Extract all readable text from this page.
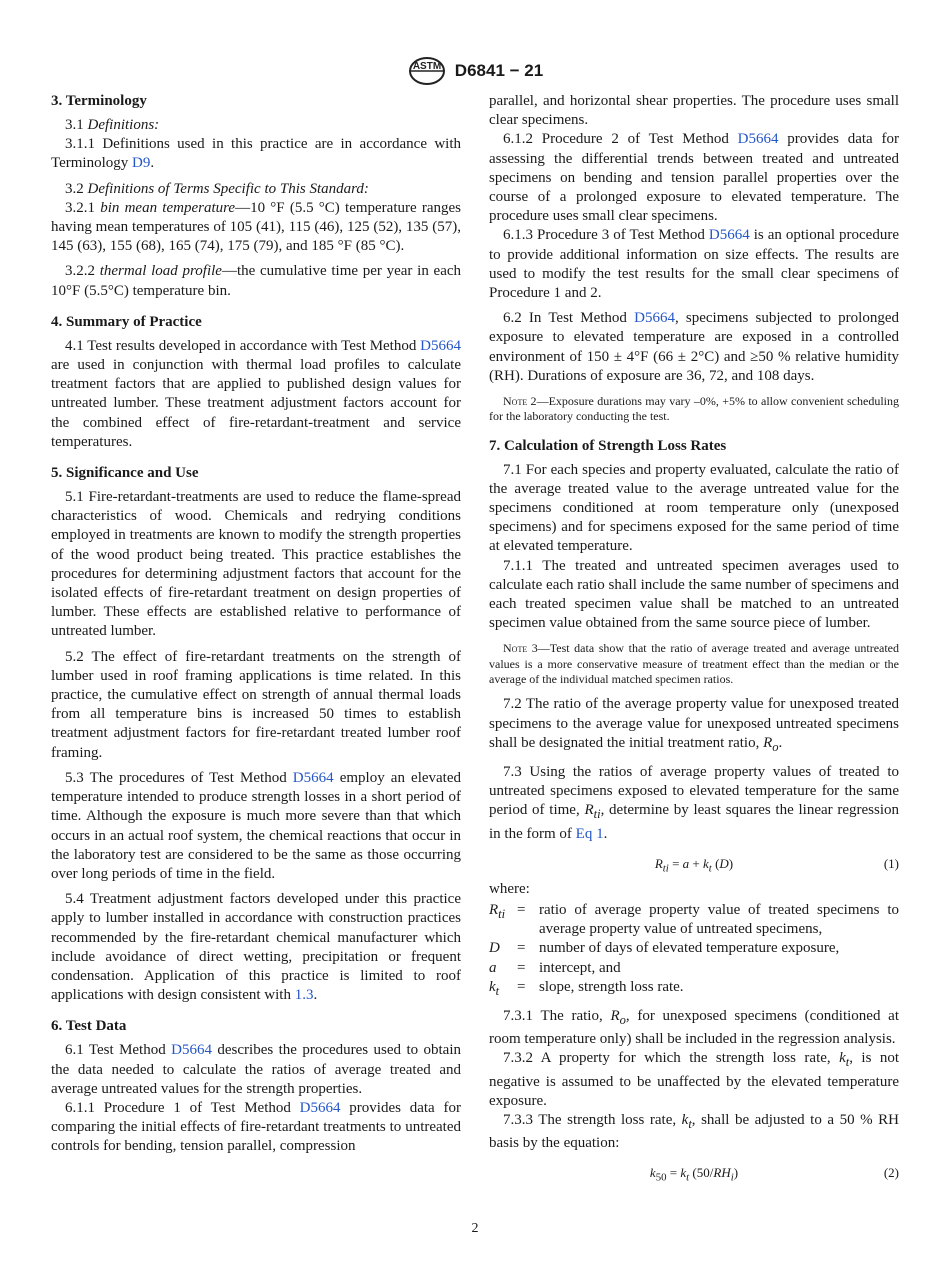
ASTM D6841 − 21
3. Terminology

3.1 Definitions:

3.1.1 Definitions used in this practice are in accordance with Terminology D9.

3.2 Definitions of Terms Specific to This Standard:

3.2.1 bin mean temperature—10 °F (5.5 °C) temperature ranges having mean temperatures of 105 (41), 115 (46), 125 (52), 135 (57), 145 (63), 155 (68), 165 (74), 175 (79), and 185 °F (85 °C).

3.2.2 thermal load profile—the cumulative time per year in each 10°F (5.5°C) temperature bin.

4. Summary of Practice

4.1 Test results developed in accordance with Test Method D5664 are used in conjunction with thermal load profiles to calculate treatment factors that are applied to published design values for untreated lumber. These treatment adjustment factors account for the combined effect of fire-retardant-treatment and service temperatures.

5. Significance and Use

5.1 Fire-retardant-treatments are used to reduce the flame-spread characteristics of wood. Chemicals and redrying conditions employed in treatments are known to modify the strength properties of the wood product being treated. This practice establishes the procedures for determining adjustment factors that account for the isolated effects of fire-retardant treatment on design properties of lumber. These effects are established relative to performance of untreated lumber.

5.2 The effect of fire-retardant treatments on the strength of lumber used in roof framing applications is time related. In this practice, the cumulative effect on strength of annual thermal loads from all temperature bins is increased 50 times to establish treatment adjustment factors for fire-retardant treated lumber roof framing.

5.3 The procedures of Test Method D5664 employ an elevated temperature intended to produce strength losses in a short period of time. Although the exposure is much more severe than that which occurs in an actual roof system, the chemical reactions that occur in the laboratory test are considered to be the same as those occurring over long periods of time in the field.

5.4 Treatment adjustment factors developed under this practice apply to lumber installed in accordance with construction practices recommended by the fire-retardant chemical manufacturer which include avoidance of direct wetting, precipitation or frequent condensation. Application of this practice is limited to roof applications with design consistent with 1.3.

6. Test Data

6.1 Test Method D5664 describes the procedures used to obtain the data needed to calculate the ratios of average treated and average untreated values for the strength properties.

6.1.1 Procedure 1 of Test Method D5664 provides data for comparing the initial effects of fire-retardant treatments to untreated controls for bending, tension parallel, compression

parallel, and horizontal shear properties. The procedure uses small clear specimens.

6.1.2 Procedure 2 of Test Method D5664 provides data for assessing the differential trends between treated and untreated specimens on bending and tension parallel properties over the course of a prolonged exposure to elevated temperature. The procedure uses small clear specimens.

6.1.3 Procedure 3 of Test Method D5664 is an optional procedure to provide additional information on size effects. The results are used to modify the test results for the small clear specimens of Procedure 1 and 2.

6.2 In Test Method D5664, specimens subjected to prolonged exposure to elevated temperature are exposed in a controlled environment of 150 ± 4°F (66 ± 2°C) and ≥50 % relative humidity (RH). Durations of exposure are 36, 72, and 108 days.

Note 2—Exposure durations may vary –0%, +5% to allow convenient scheduling for the laboratory conducting the test.
7. Calculation of Strength Loss Rates

7.1 For each species and property evaluated, calculate the ratio of the average treated value to the average untreated value for the specimens conditioned at room temperature only (unexposed specimens) and for specimens exposed for the same period of time at elevated temperature.

7.1.1 The treated and untreated specimen averages used to calculate each ratio shall include the same number of specimens and each treated specimen value shall be matched to an untreated specimen value obtained from the same source piece of lumber.

Note 3—Test data show that the ratio of average treated and average untreated values is a more conservative measure of treatment effect than the median or the average of the individual matched specimen ratios.

7.2 The ratio of the average property value for unexposed treated specimens to the average value for unexposed untreated specimens shall be designated the initial treatment ratio, $R_o$.

7.3 Using the ratios of average property values of treated to untreated specimens exposed to elevated temperature for the same period of time, $R_{ti}$, determine by least squares the linear regression in the form of Eq 1.

$R_{ti} = a + k_t$ (D)	(1)

where:

$R_{ti}$ = ratio of average property value of treated specimens to average property value of untreated specimens,
D	= number of days of elevated temperature exposure,
a	= intercept, and
$k_t$	= slope, strength loss rate.

7.3.1 The ratio, $R_o$, for unexposed specimens (conditioned at room temperature only) shall be included in the regression analysis.

7.3.2 A property for which the strength loss rate, $k_t$, is not negative is assumed to be unaffected by the elevated temperature exposure.

7.3.3 The strength loss rate, $k_t$, shall be adjusted to a 50 % RH basis by the equation:

$k_{50} = k_t$ $(50/RH_i)$	(2)
2
